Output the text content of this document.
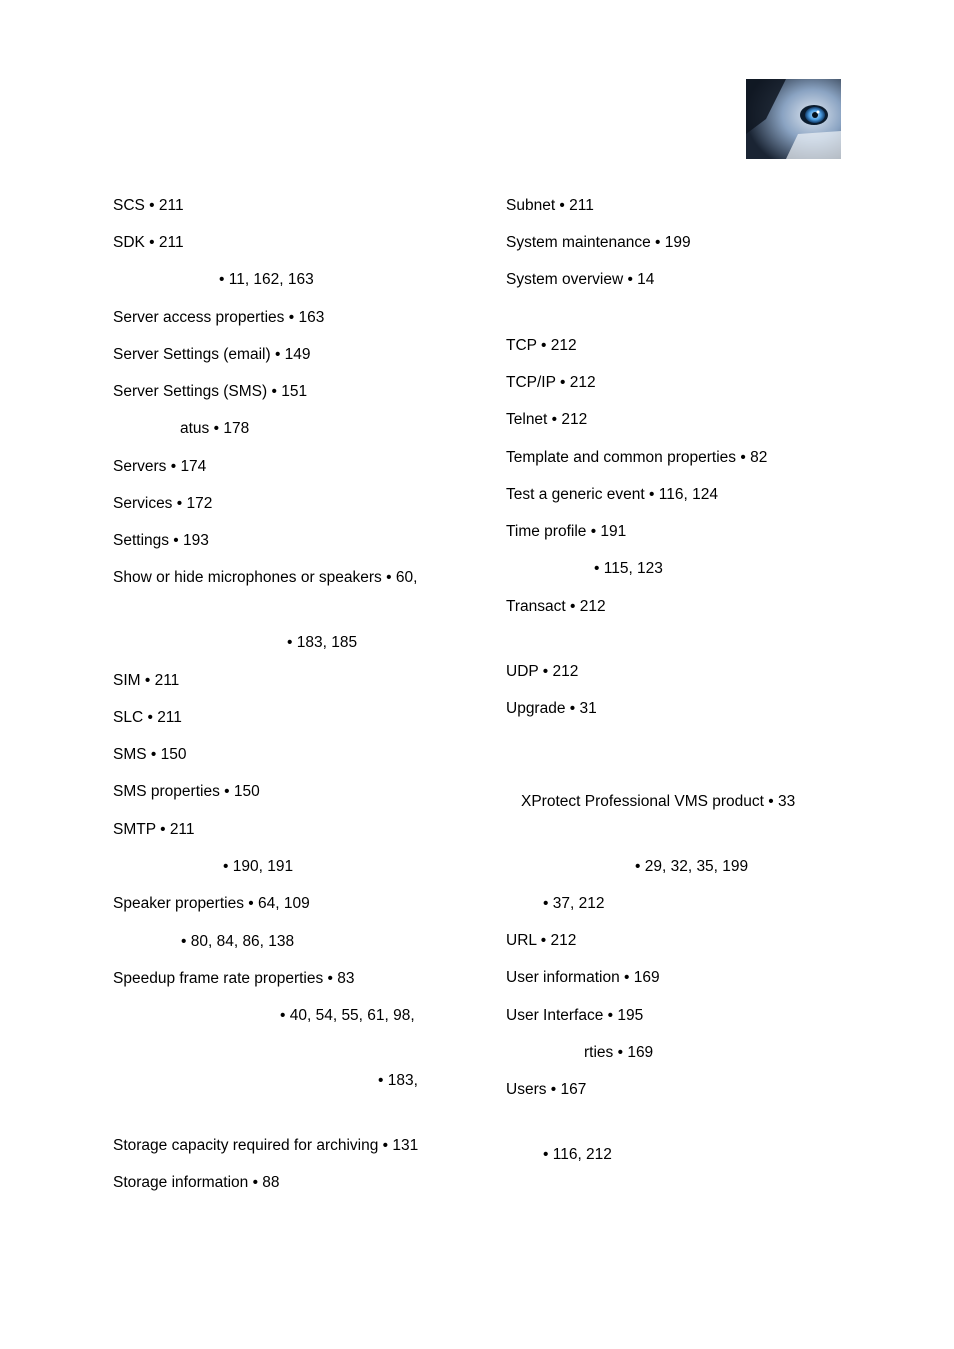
SCS • 211
SDK • 211
• 11, 162, 163
Server access properties • 163
Server Settings (email) • 149
Server Settings (SMS) • 151
atus • 178
Servers • 174
Services • 172
Settings • 193
Show or hide microphones or speakers • 60,
• 183, 185
SIM • 211
SLC • 211
SMS • 150
SMS properties • 150
SMTP • 211
• 190, 191
Speaker properties • 64, 109
• 80, 84, 86, 138
Speedup frame rate properties • 83
• 40, 54, 55, 61, 98,
• 183,
Storage capacity required for archiving • 131
Storage information • 88
Subnet • 211
System maintenance • 199
System overview • 14
TCP • 212
TCP/IP • 212
Telnet • 212
Template and common properties • 82
Test a generic event • 116, 124
Time profile • 191
• 115, 123
Transact • 212
UDP • 212
Upgrade • 31
XProtect Professional VMS product • 33
• 29, 32, 35, 199
• 37, 212
URL • 212
User information • 169
User Interface • 195
rties • 169
Users • 167
• 116, 212
